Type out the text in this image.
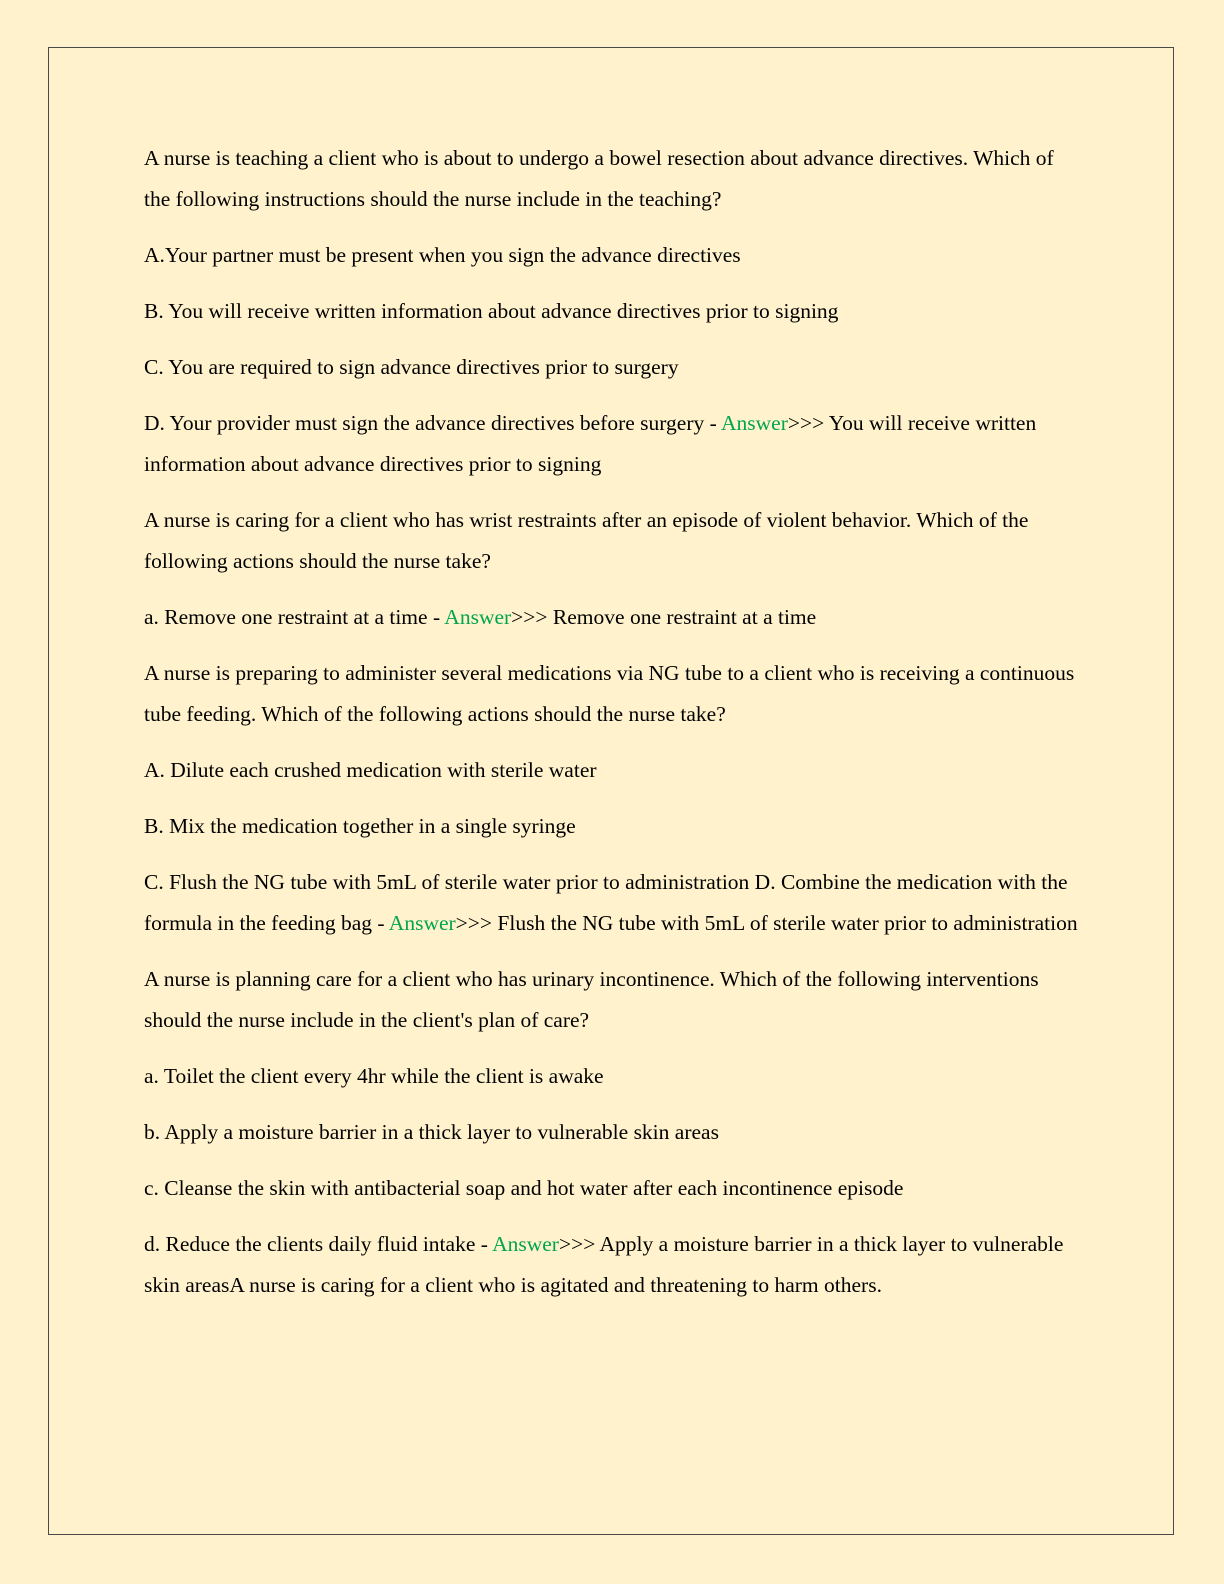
A nurse is teaching a client who is about to undergo a bowel resection about advance directives. Which of the following instructions should the nurse include in the teaching?

A.Your partner must be present when you sign the advance directives

B. You will receive written information about advance directives prior to signing

C. You are required to sign advance directives prior to surgery

D. Your provider must sign the advance directives before surgery - Answer>>> You will receive written information about advance directives prior to signing

A nurse is caring for a client who has wrist restraints after an episode of violent behavior. Which of the following actions should the nurse take?

a. Remove one restraint at a time - Answer>>> Remove one restraint at a time

A nurse is preparing to administer several medications via NG tube to a client who is receiving a continuous tube feeding. Which of the following actions should the nurse take?

A. Dilute each crushed medication with sterile water

B. Mix the medication together in a single syringe

C. Flush the NG tube with 5mL of sterile water prior to administration D. Combine the medication with the formula in the feeding bag - Answer>>> Flush the NG tube with 5mL of sterile water prior to administration

A nurse is planning care for a client who has urinary incontinence. Which of the following interventions should the nurse include in the client's plan of care?

a. Toilet the client every 4hr while the client is awake

b. Apply a moisture barrier in a thick layer to vulnerable skin areas

c. Cleanse the skin with antibacterial soap and hot water after each incontinence episode

d. Reduce the clients daily fluid intake - Answer>>> Apply a moisture barrier in a thick layer to vulnerable skin areasA nurse is caring for a client who is agitated and threatening to harm others.
